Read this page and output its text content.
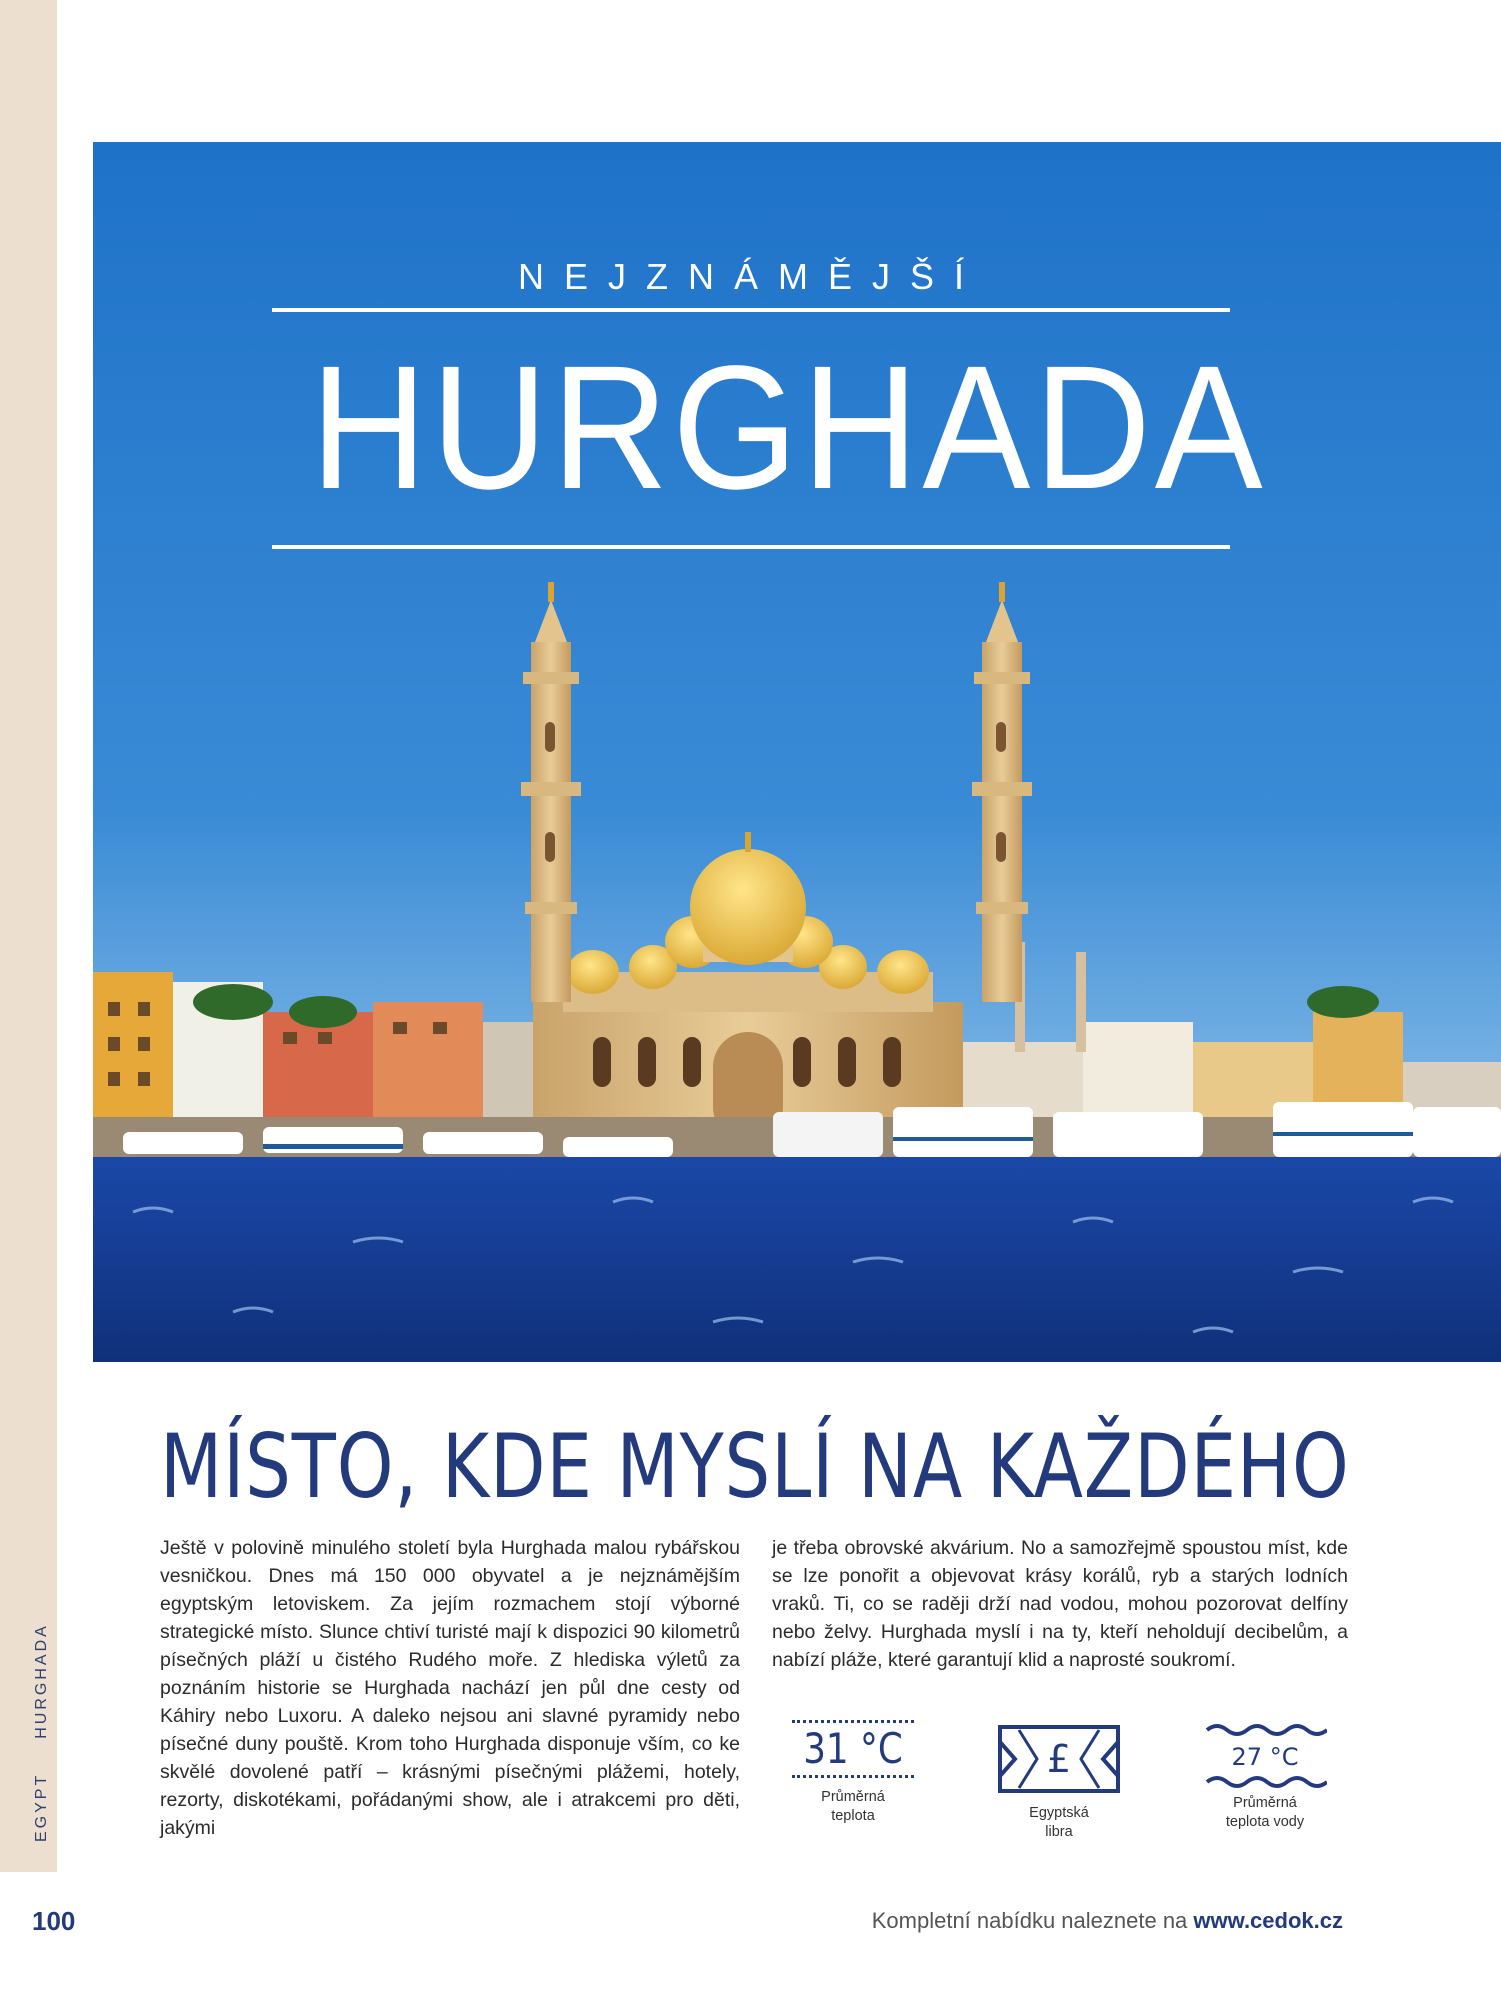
EGYPTHURGHADA
NEJZNÁMĚJŠÍ
HURGHADA
MÍSTO, KDE MYSLÍ NA KAŽDÉHO
Ještě v polovině minulého století byla Hurghada malou rybářskou vesničkou. Dnes má 150 000 obyvatel a je nejznámějším egyptským letoviskem. Za jejím rozmachem stojí výborné strategické místo. Slunce chtiví turisté mají k dispozici 90 kilometrů písečných pláží u čistého Rudého moře. Z hlediska výletů za poznáním historie se Hurghada nachází jen půl dne cesty od Káhiry nebo Luxoru. A daleko nejsou ani slavné pyramidy nebo písečné duny pouště. Krom toho Hurghada disponuje vším, co ke skvělé dovolené patří – krásnými písečnými plážemi, hotely, rezorty, diskotékami, pořádanými show, ale i atrakcemi pro děti, jakými
je třeba obrovské akvárium. No a samozřejmě spoustou míst, kde se lze ponořit a objevovat krásy korálů, ryb a starých lodních vraků. Ti, co se raději drží nad vodou, mohou pozorovat delfíny nebo želvy. Hurghada myslí i na ty, kteří neholdují decibelům, a nabízí pláže, které garantují klid a naprosté soukromí.
31 °C
Průměrná
teplota
£
Egyptská
libra
27 °C
Průměrná
teplota vody
100	Kompletní nabídku naleznete na www.cedok.cz
